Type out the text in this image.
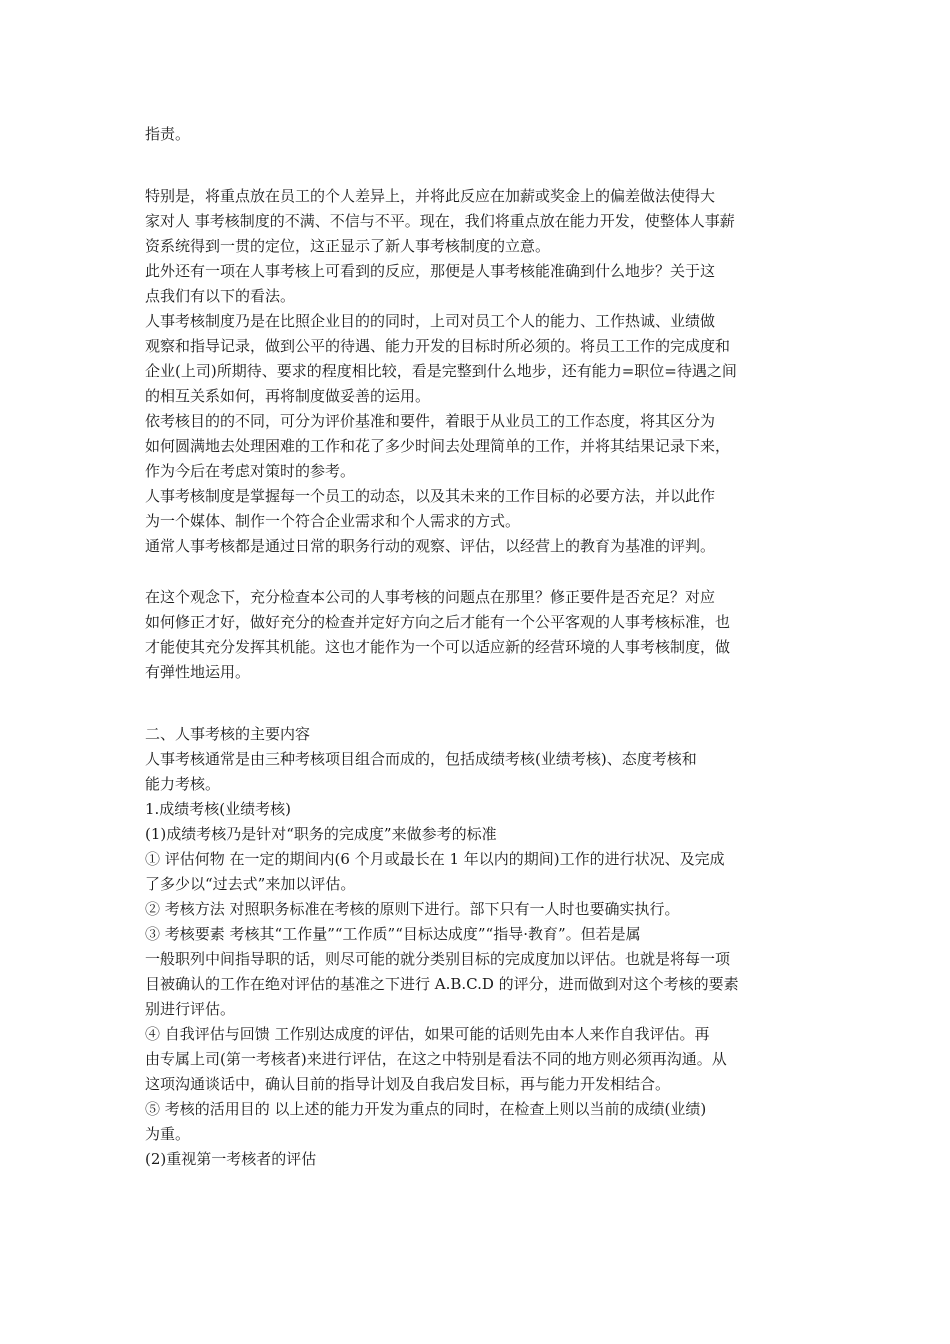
指责。
特别是，将重点放在员工的个人差异上，并将此反应在加薪或奖金上的偏差做法使得大
家对人 事考核制度的不满、不信与不平。现在，我们将重点放在能力开发，使整体人事薪
资系统得到一贯的定位，这正显示了新人事考核制度的立意。
此外还有一项在人事考核上可看到的反应，那便是人事考核能准确到什么地步？关于这
点我们有以下的看法。
人事考核制度乃是在比照企业目的的同时，上司对员工个人的能力、工作热诚、业绩做
观察和指导记录，做到公平的待遇、能力开发的目标时所必须的。将员工工作的完成度和
企业(上司)所期待、要求的程度相比较，看是完整到什么地步，还有能力=职位=待遇之间
的相互关系如何，再将制度做妥善的运用。
依考核目的的不同，可分为评价基准和要件，着眼于从业员工的工作态度，将其区分为
如何圆满地去处理困难的工作和花了多少时间去处理简单的工作，并将其结果记录下来，
作为今后在考虑对策时的参考。
人事考核制度是掌握每一个员工的动态，以及其未来的工作目标的必要方法，并以此作
为一个媒体、制作一个符合企业需求和个人需求的方式。
通常人事考核都是通过日常的职务行动的观察、评估，以经营上的教育为基准的评判。
在这个观念下，充分检查本公司的人事考核的问题点在那里？修正要件是否充足？对应
如何修正才好，做好充分的检查并定好方向之后才能有一个公平客观的人事考核标准，也
才能使其充分发挥其机能。这也才能作为一个可以适应新的经营环境的人事考核制度，做
有弹性地运用。
二、人事考核的主要内容
人事考核通常是由三种考核项目组合而成的，包括成绩考核(业绩考核)、态度考核和
能力考核。
1.成绩考核(业绩考核)
(1)成绩考核乃是针对“职务的完成度”来做参考的标准
① 评估何物 在一定的期间内(6 个月或最长在 1 年以内的期间)工作的进行状况、及完成
了多少以“过去式”来加以评估。
② 考核方法 对照职务标准在考核的原则下进行。部下只有一人时也要确实执行。
③ 考核要素 考核其“工作量”“工作质”“目标达成度”“指导·教育”。但若是属
一般职列中间指导职的话，则尽可能的就分类别目标的完成度加以评估。也就是将每一项
目被确认的工作在绝对评估的基准之下进行 A.B.C.D 的评分，进而做到对这个考核的要素
别进行评估。
④ 自我评估与回馈 工作别达成度的评估，如果可能的话则先由本人来作自我评估。再
由专属上司(第一考核者)来进行评估，在这之中特别是看法不同的地方则必须再沟通。从
这项沟通谈话中，确认目前的指导计划及自我启发目标，再与能力开发相结合。
⑤ 考核的活用目的 以上述的能力开发为重点的同时，在检查上则以当前的成绩(业绩)
为重。
(2)重视第一考核者的评估
